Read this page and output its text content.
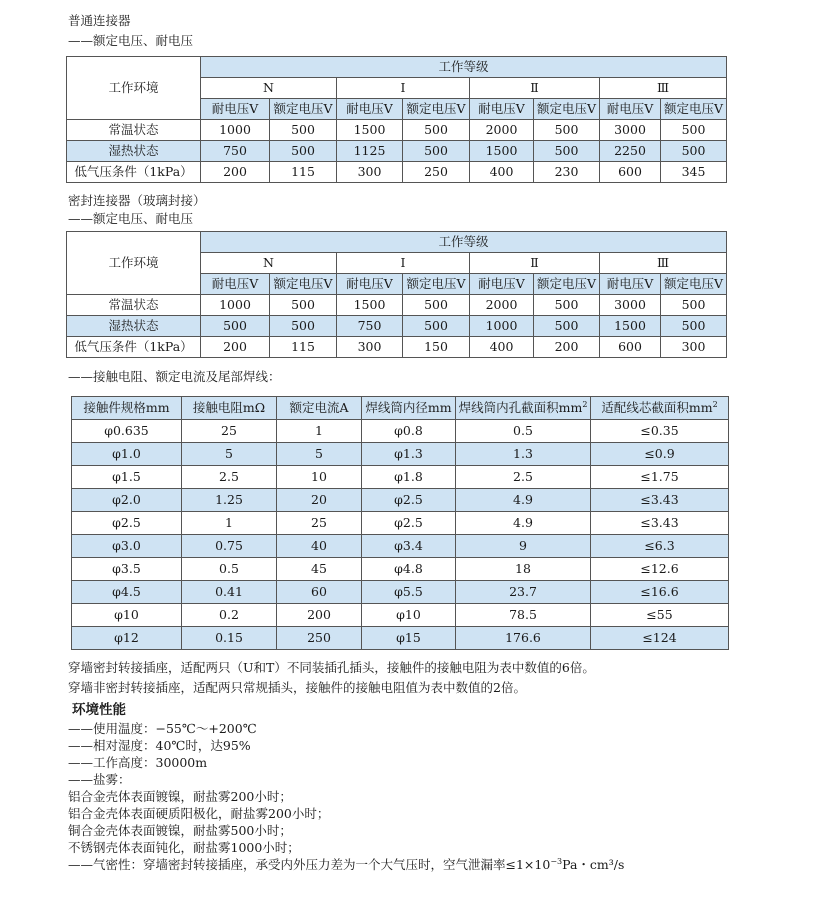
普通连接器
——额定电压、耐电压
工作环境	工作等级							
	N		Ⅰ		Ⅱ		Ⅲ	
	耐电压V	额定电压V	耐电压V	额定电压V	耐电压V	额定电压V	耐电压V	额定电压V
常温状态	1000	500	1500	500	2000	500	3000	500
湿热状态	750	500	1125	500	1500	500	2250	500
低气压条件（1kPa）	200	115	300	250	400	230	600	345
密封连接器（玻璃封接）
——额定电压、耐电压
工作环境	工作等级							
	N		Ⅰ		Ⅱ		Ⅲ	
	耐电压V	额定电压V	耐电压V	额定电压V	耐电压V	额定电压V	耐电压V	额定电压V
常温状态	1000	500	1500	500	2000	500	3000	500
湿热状态	500	500	750	500	1000	500	1500	500
低气压条件（1kPa）	200	115	300	150	400	200	600	300
——接触电阻、额定电流及尾部焊线：
接触件规格mm	接触电阻mΩ	额定电流A	焊线筒内径mm	焊线筒内孔截面积$mm^2$	适配线芯截面积$mm^2$
φ0.635	25	1	φ0.8	0.5	≤0.35
φ1.0	5	5	φ1.3	1.3	≤0.9
φ1.5	2.5	10	φ1.8	2.5	≤1.75
φ2.0	1.25	20	φ2.5	4.9	≤3.43
φ2.5	1	25	φ2.5	4.9	≤3.43
φ3.0	0.75	40	φ3.4	9	≤6.3
φ3.5	0.5	45	φ4.8	18	≤12.6
φ4.5	0.41	60	φ5.5	23.7	≤16.6
φ10	0.2	200	φ10	78.5	≤55
φ12	0.15	250	φ15	176.6	≤124
穿墙密封转接插座，适配两只（U和T）不同装插孔插头，接触件的接触电阻为表中数值的6倍。
穿墙非密封转接插座，适配两只常规插头，接触件的接触电阻值为表中数值的2倍。
环境性能
——使用温度：−55℃～+200℃
——相对湿度：40℃时，达95%
——工作高度：30000m
——盐雾：
铝合金壳体表面镀镍，耐盐雾200小时；
铝合金壳体表面硬质阳极化，耐盐雾200小时；
铜合金壳体表面镀镍，耐盐雾500小时；
不锈钢壳体表面钝化，耐盐雾1000小时；
——气密性：穿墙密封转接插座，承受内外压力差为一个大气压时，空气泄漏率$\le 1\times 10^{-3}Pa$・cm³/s
